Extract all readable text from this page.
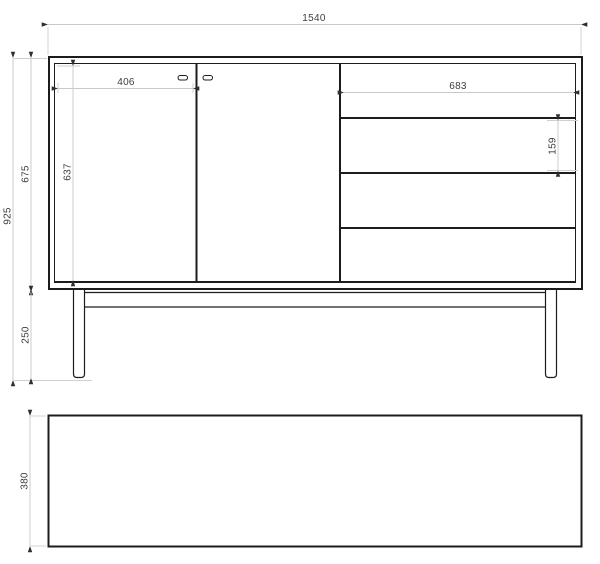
1540
925
675
250
637
406	683
159
380
